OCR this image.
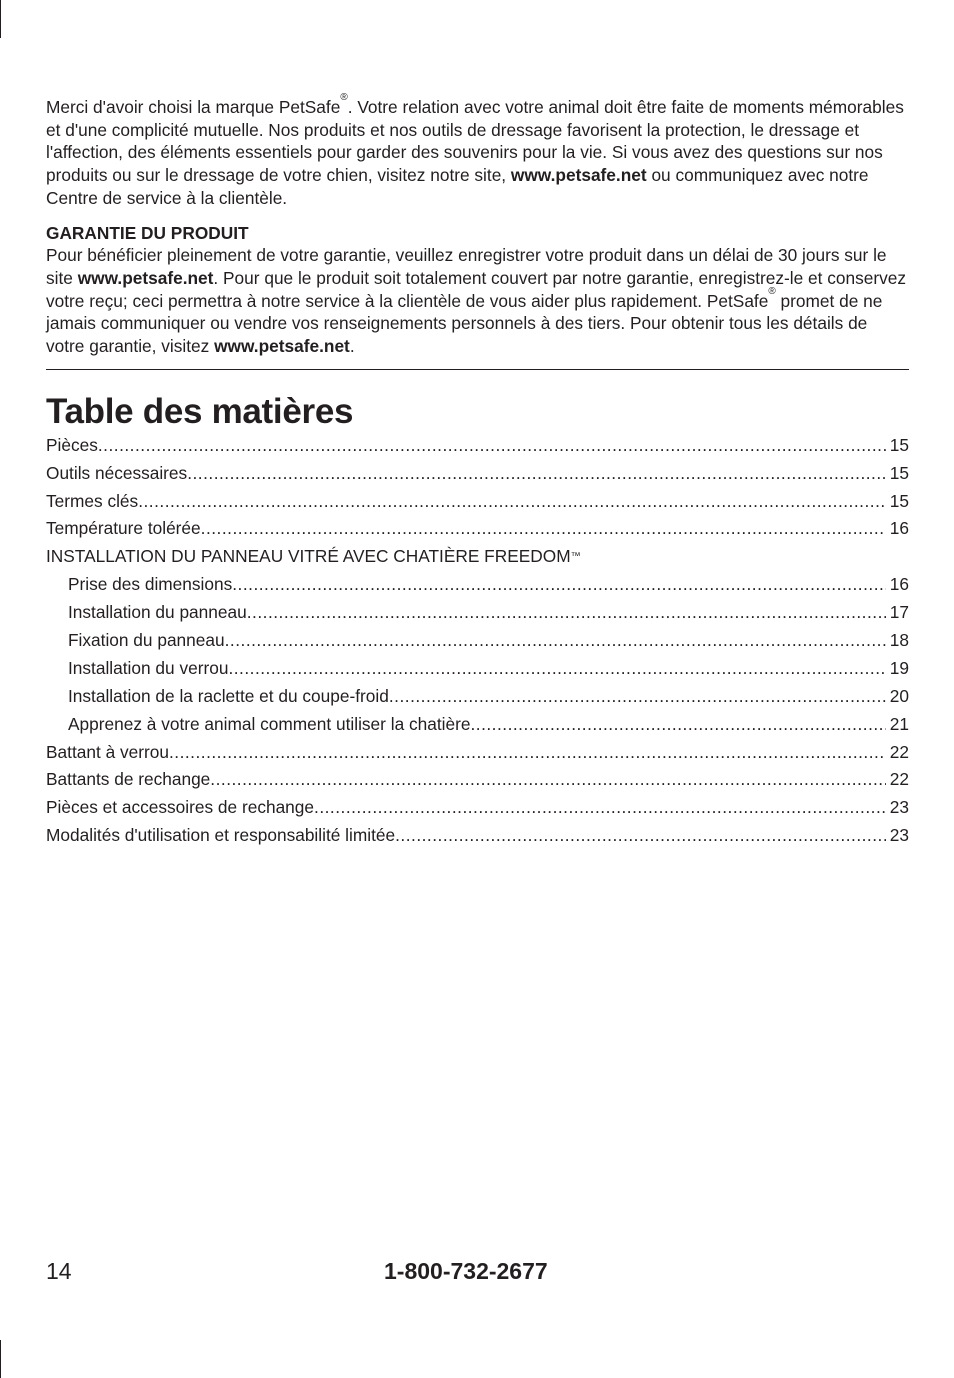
Merci d'avoir choisi la marque PetSafe®. Votre relation avec votre animal doit être faite de moments mémorables et d'une complicité mutuelle. Nos produits et nos outils de dressage favorisent la protection, le dressage et l'affection, des éléments essentiels pour garder des souvenirs pour la vie. Si vous avez des questions sur nos produits ou sur le dressage de votre chien, visitez notre site, www.petsafe.net ou communiquez avec notre Centre de service à la clientèle.

GARANTIE DU PRODUIT

Pour bénéficier pleinement de votre garantie, veuillez enregistrer votre produit dans un délai de 30 jours sur le site www.petsafe.net. Pour que le produit soit totalement couvert par notre garantie, enregistrez-le et conservez votre reçu; ceci permettra à notre service à la clientèle de vous aider plus rapidement. PetSafe® promet de ne jamais communiquer ou vendre vos renseignements personnels à des tiers. Pour obtenir tous les détails de votre garantie, visitez www.petsafe.net.

Table des matières
Pièces .....	15
Outils nécessaires .....	15
Termes clés .....	15
Température tolérée .....	16
INSTALLATION DU PANNEAU VITRÉ AVEC CHATIÈRE FREEDOM™
Prise des dimensions .....	16
Installation du panneau .....	17
Fixation du panneau .....	18
Installation du verrou .....	19
Installation de la raclette et du coupe-froid .....	20
Apprenez à votre animal comment utiliser la chatière .....	21
Battant à verrou .....	22
Battants de rechange .....	22
Pièces et accessoires de rechange .....	23
Modalités d'utilisation et responsabilité limitée .....	23
14	1-800-732-2677
